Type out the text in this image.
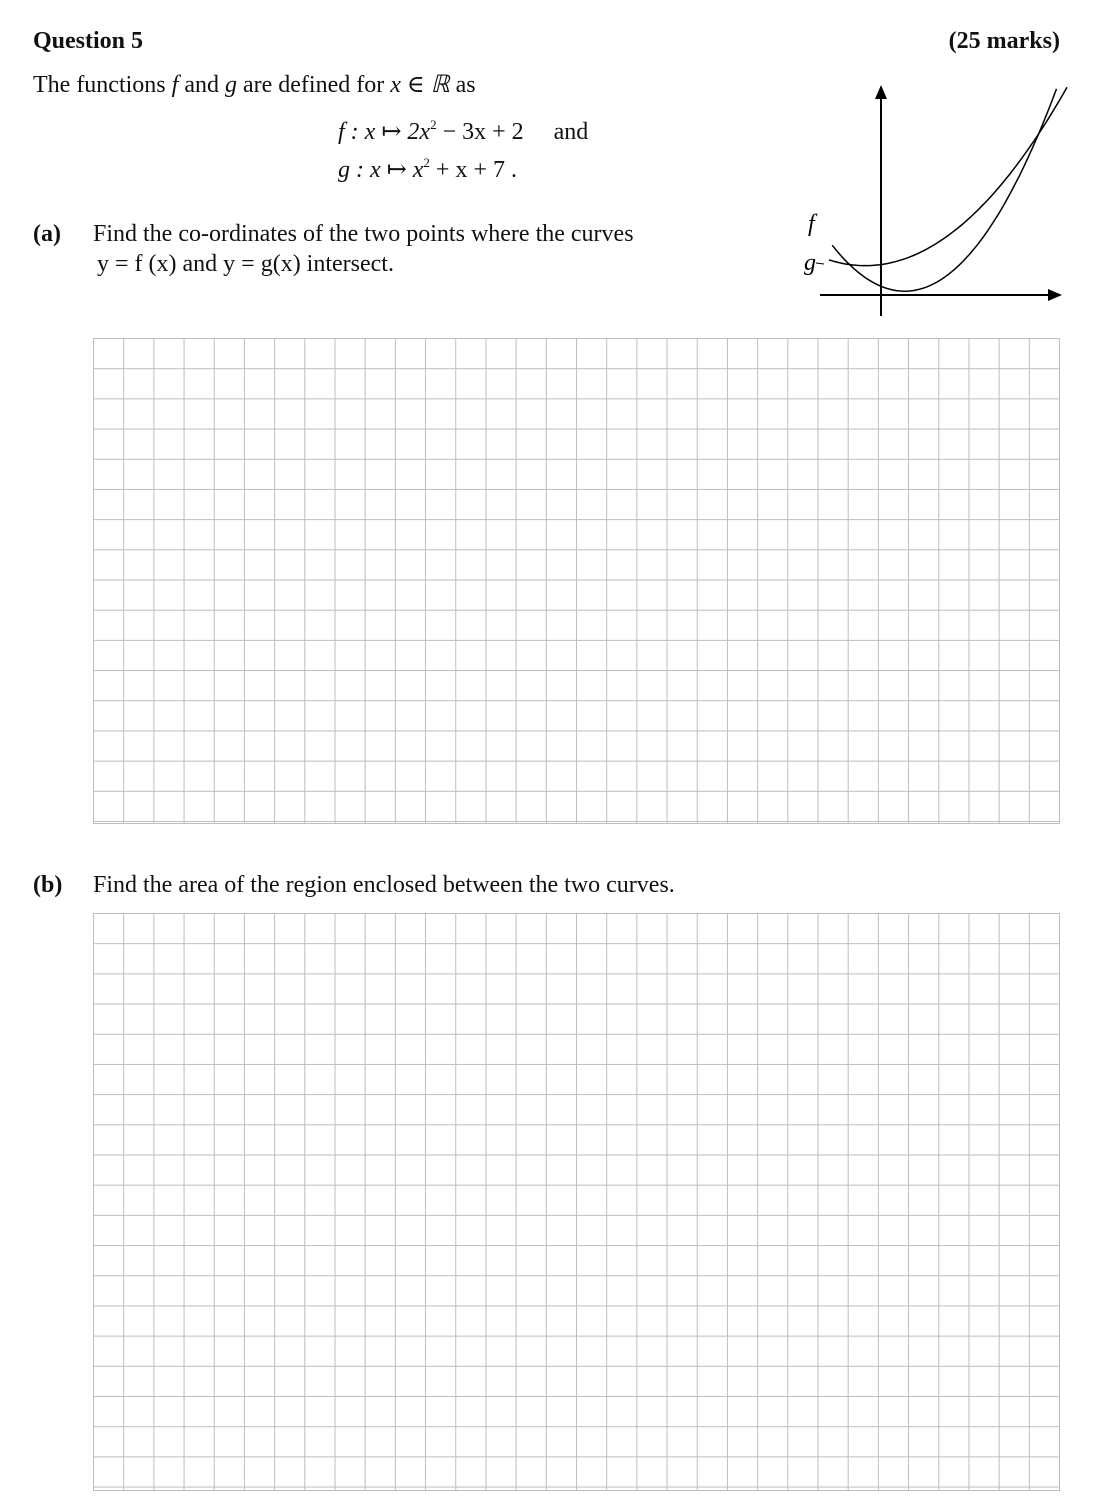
Question 5	(25 marks)
The functions f and g are defined for x ∈ ℝ as
f : x ↦ $2x^2 - 3x + 2$ and
g : x ↦ $x^2 + x + 7$ .
(a) Find the co-ordinates of the two points where the curves
y = f (x) and y = g(x) intersect.
(b) Find the area of the region enclosed between the two curves.
f
g
